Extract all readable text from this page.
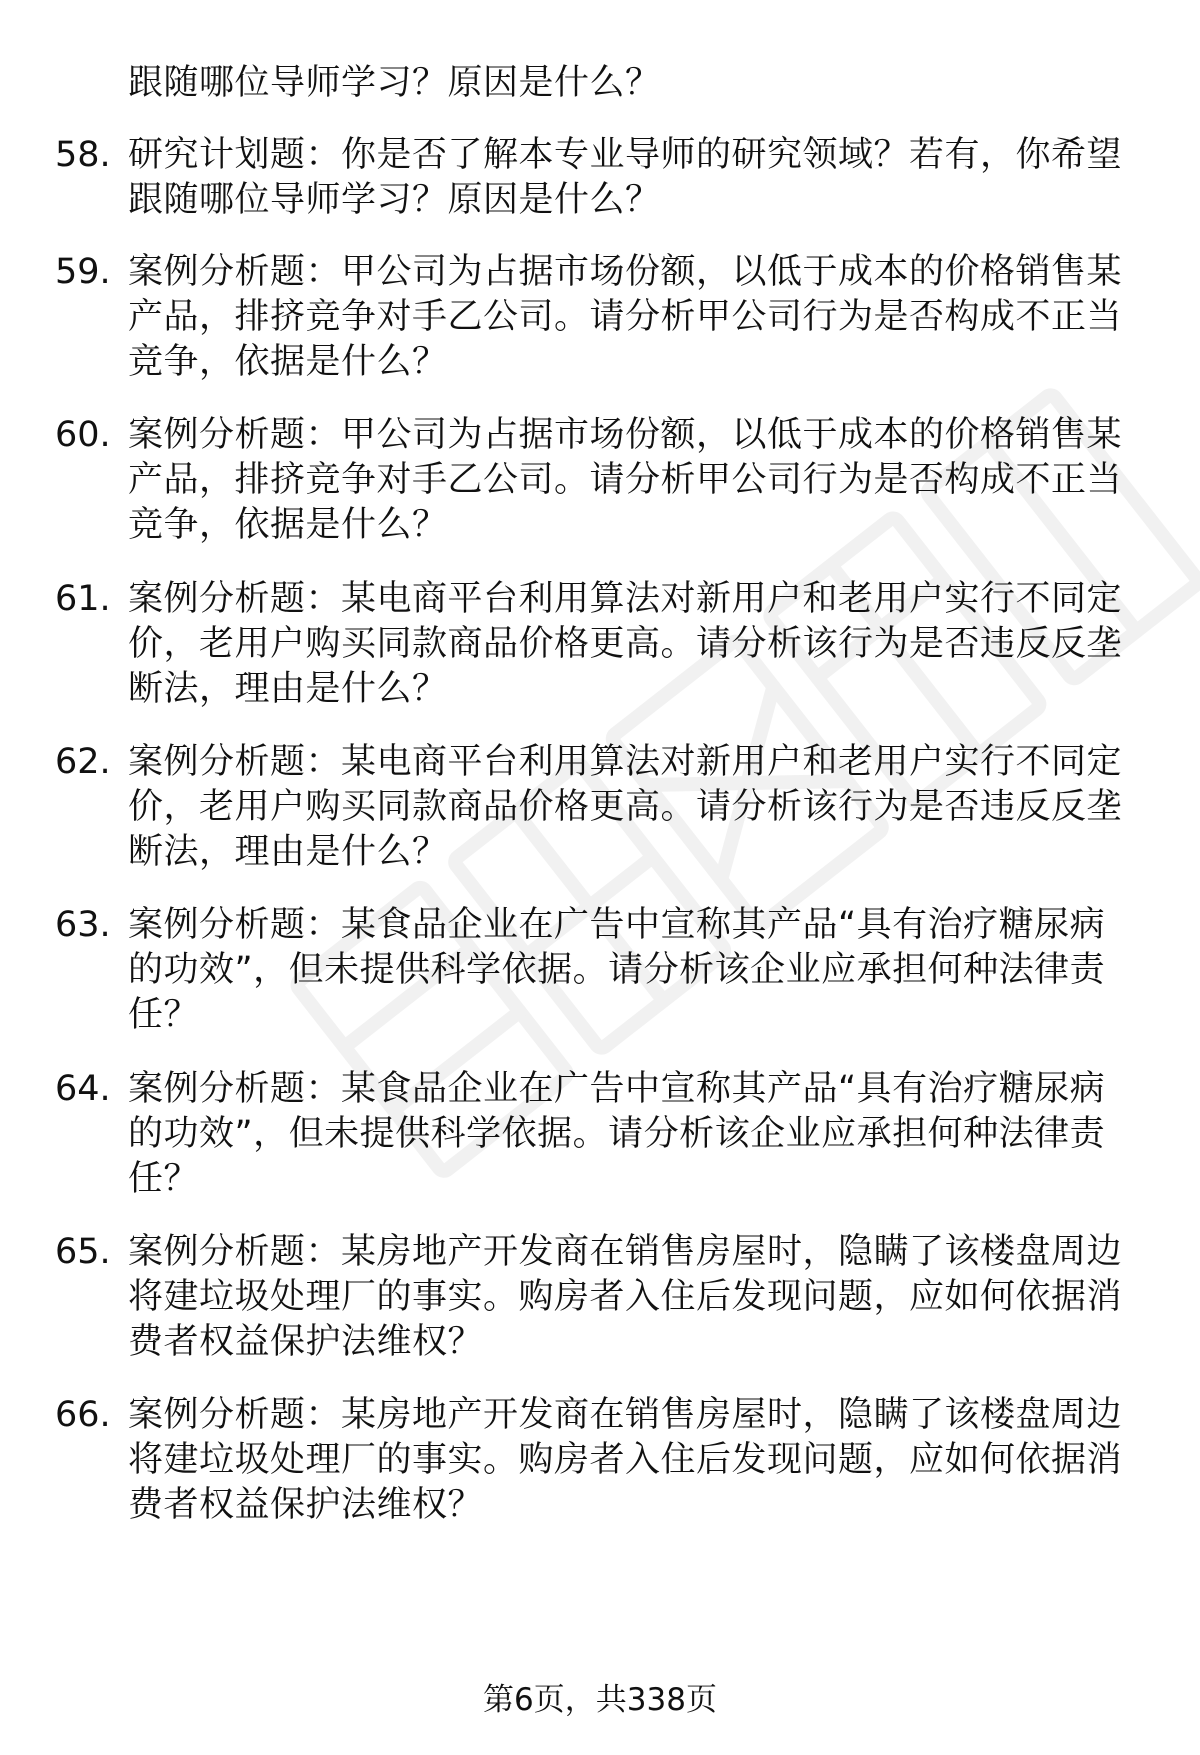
跟随哪位导师学习？原因是什么？
58. 研究计划题：你是否了解本专业导师的研究领域？若有，你希望
跟随哪位导师学习？原因是什么？
59. 案例分析题：甲公司为占据市场份额，以低于成本的价格销售某
产品，排挤竞争对手乙公司。请分析甲公司行为是否构成不正当
竞争，依据是什么？
60. 案例分析题：甲公司为占据市场份额，以低于成本的价格销售某
产品，排挤竞争对手乙公司。请分析甲公司行为是否构成不正当
竞争，依据是什么？
61. 案例分析题：某电商平台利用算法对新用户和老用户实行不同定
价，老用户购买同款商品价格更高。请分析该行为是否违反反垄
断法，理由是什么？
62. 案例分析题：某电商平台利用算法对新用户和老用户实行不同定
价，老用户购买同款商品价格更高。请分析该行为是否违反反垄
断法，理由是什么？
63. 案例分析题：某食品企业在广告中宣称其产品“具有治疗糖尿病
的功效”，但未提供科学依据。请分析该企业应承担何种法律责
任？
64. 案例分析题：某食品企业在广告中宣称其产品“具有治疗糖尿病
的功效”，但未提供科学依据。请分析该企业应承担何种法律责
任？
65. 案例分析题：某房地产开发商在销售房屋时，隐瞒了该楼盘周边
将建垃圾处理厂的事实。购房者入住后发现问题，应如何依据消
费者权益保护法维权？
66. 案例分析题：某房地产开发商在销售房屋时，隐瞒了该楼盘周边
将建垃圾处理厂的事实。购房者入住后发现问题，应如何依据消
费者权益保护法维权？
第6页，共338页
